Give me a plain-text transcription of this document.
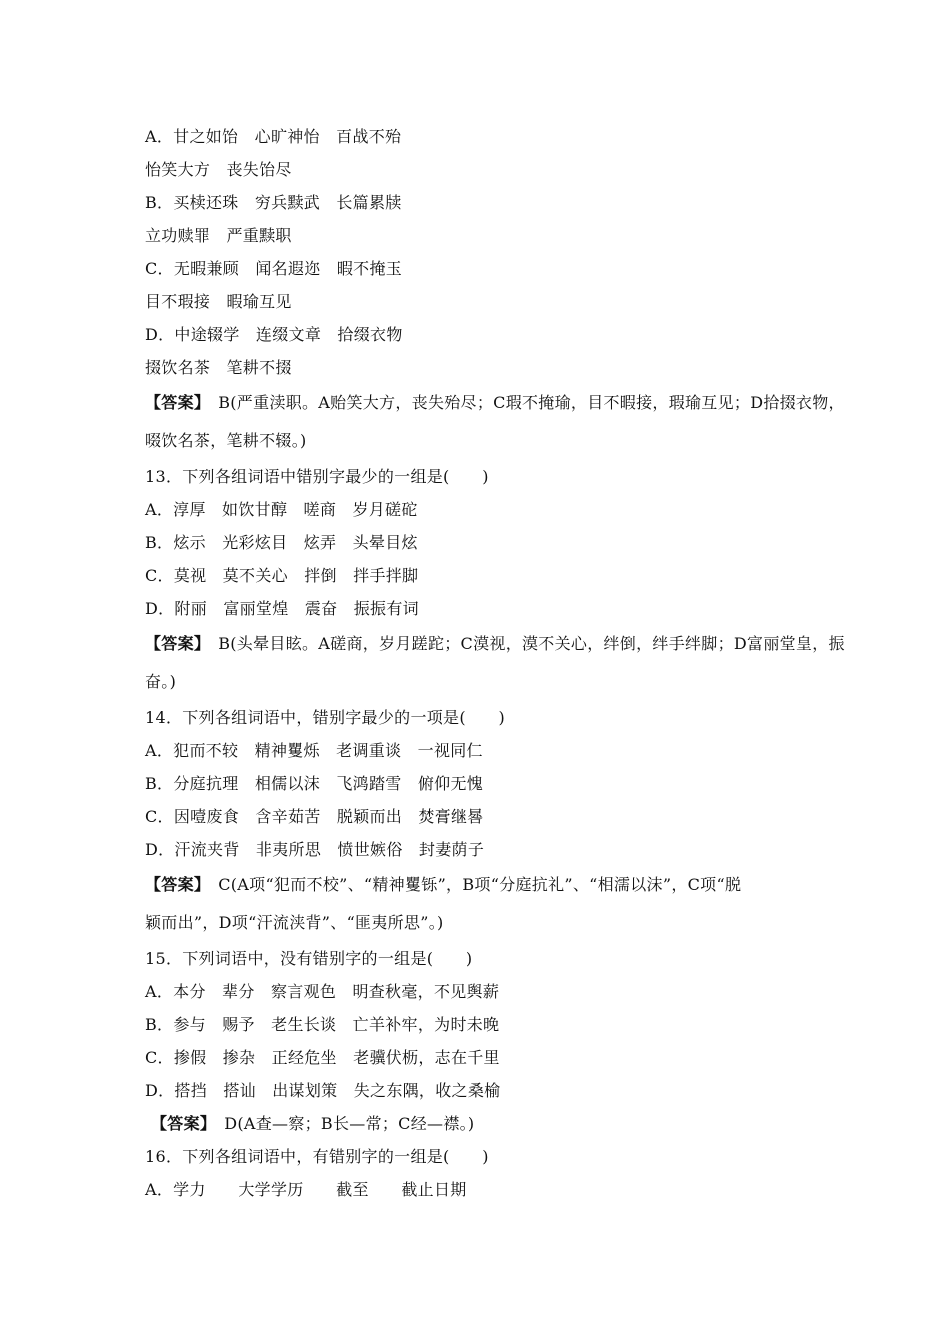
A．甘之如饴　心旷神怡　百战不殆
怡笑大方　丧失饴尽
B．买椟还珠　穷兵黩武　长篇累牍
立功赎罪　严重黩职
C．无暇兼顾　闻名遐迩　暇不掩玉
目不瑕接　暇瑜互见
D．中途辍学　连缀文章　拾缀衣物
掇饮名茶　笔耕不掇
【答案】 B(严重渎职。A贻笑大方，丧失殆尽；C瑕不掩瑜，目不暇接，瑕瑜互见；D拾掇衣物，
啜饮名茶，笔耕不辍。)
13．下列各组词语中错别字最少的一组是(　　)
A．淳厚　如饮甘醇　嗟商　岁月磋砣
B．炫示　光彩炫目　炫弄　头晕目炫
C．莫视　莫不关心　拌倒　拌手拌脚
D．附丽　富丽堂煌　震奋　振振有词
【答案】 B(头晕目眩。A磋商，岁月蹉跎；C漠视，漠不关心，绊倒，绊手绊脚；D富丽堂皇，振
奋。)
14．下列各组词语中，错别字最少的一项是(　　)
A．犯而不较　精神矍烁　老调重谈　一视同仁
B．分庭抗理　相儒以沫　飞鸿踏雪　俯仰无愧
C．因噎废食　含辛茹苦　脱颖而出　焚膏继晷
D．汗流夹背　非夷所思　愤世嫉俗　封妻荫子
【答案】 C(A项“犯而不校”、“精神矍铄”，B项“分庭抗礼”、“相濡以沫”，C项“脱
颖而出”，D项“汗流浃背”、“匪夷所思”。)
15．下列词语中，没有错别字的一组是(　　)
A．本分　辈分　察言观色　明查秋毫，不见舆薪
B．参与　赐予　老生长谈　亡羊补牢，为时未晚
C．掺假　掺杂　正经危坐　老骥伏枥，志在千里
D．搭挡　搭讪　出谋划策　失之东隅，收之桑榆
【答案】 D(A查—察；B长—常；C经—襟。)
16．下列各组词语中，有错别字的一组是(　　)
A．学力　　大学学历　　截至　　截止日期
